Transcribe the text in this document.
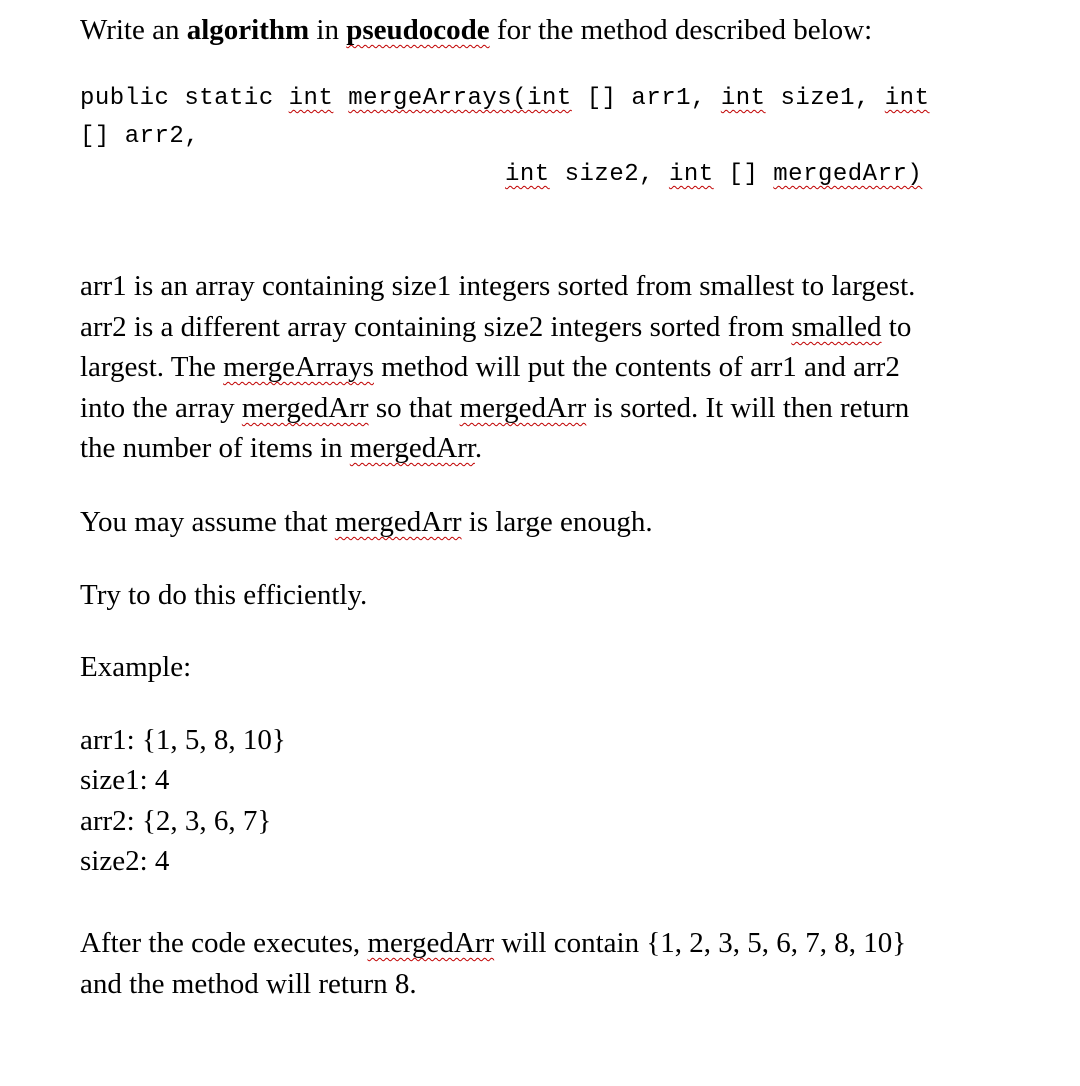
Write an algorithm in pseudocode for the method described below:
public static int mergeArrays(int [] arr1, int size1, int
[] arr2,
int size2, int [] mergedArr)
arr1 is an array containing size1 integers sorted from smallest to largest.
arr2 is a different array containing size2 integers sorted from smalled to
largest. The mergeArrays method will put the contents of arr1 and arr2
into the array mergedArr so that mergedArr is sorted. It will then return
the number of items in mergedArr.
You may assume that mergedArr is large enough.
Try to do this efficiently.
Example:
arr1: {1, 5, 8, 10}
size1: 4
arr2: {2, 3, 6, 7}
size2: 4
After the code executes, mergedArr will contain {1, 2, 3, 5, 6, 7, 8, 10}
and the method will return 8.
